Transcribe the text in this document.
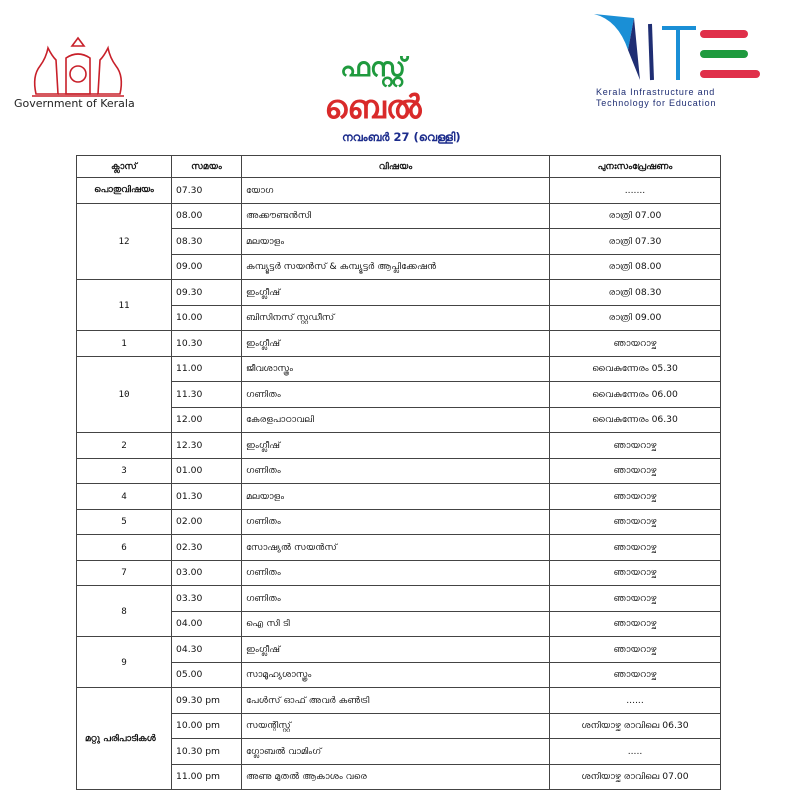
Government of Kerala
ഫസ്റ്റ്
ബെൽ
നവംബർ 27 (വെള്ളി)
Kerala Infrastructure and
Technology for Education
ക്ലാസ്	സമയം	വിഷയം	പുനഃസംപ്രേഷണം
പൊതുവിഷയം	07.30	യോഗ	.......
12	08.00	അക്കൗണ്ടൻസി	രാത്രി 07.00
	08.30	മലയാളം	രാത്രി 07.30
	09.00	കമ്പ്യൂട്ടർ സയൻസ് & കമ്പ്യൂട്ടർ ആപ്ലിക്കേഷൻ	രാത്രി 08.00
11	09.30	ഇംഗ്ലീഷ്	രാത്രി 08.30
	10.00	ബിസിനസ് സ്റ്റഡീസ്	രാത്രി 09.00
1	10.30	ഇംഗ്ലീഷ്	ഞായറാഴ്ച
10	11.00	ജീവശാസ്ത്രം	വൈകുന്നേരം 05.30
	11.30	ഗണിതം	വൈകുന്നേരം 06.00
	12.00	കേരളപാഠാവലി	വൈകുന്നേരം 06.30
2	12.30	ഇംഗ്ലീഷ്	ഞായറാഴ്ച
3	01.00	ഗണിതം	ഞായറാഴ്ച
4	01.30	മലയാളം	ഞായറാഴ്ച
5	02.00	ഗണിതം	ഞായറാഴ്ച
6	02.30	സോഷ്യൽ സയൻസ്	ഞായറാഴ്ച
7	03.00	ഗണിതം	ഞായറാഴ്ച
8	03.30	ഗണിതം	ഞായറാഴ്ച
	04.00	ഐ സി ടി	ഞായറാഴ്ച
9	04.30	ഇംഗ്ലീഷ്	ഞായറാഴ്ച
	05.00	സാമൂഹ്യശാസ്ത്രം	ഞായറാഴ്ച
മറ്റു പരിപാടികൾ	09.30 pm	പേൾസ് ഓഫ് അവർ കൺട്രി	......
	10.00 pm	സയന്റിസ്റ്റ്	ശനിയാഴ്ച രാവിലെ 06.30
	10.30 pm	ഗ്ലോബൽ വാമിംഗ്	.....
	11.00 pm	അണു മുതൽ ആകാശം വരെ	ശനിയാഴ്ച രാവിലെ 07.00
